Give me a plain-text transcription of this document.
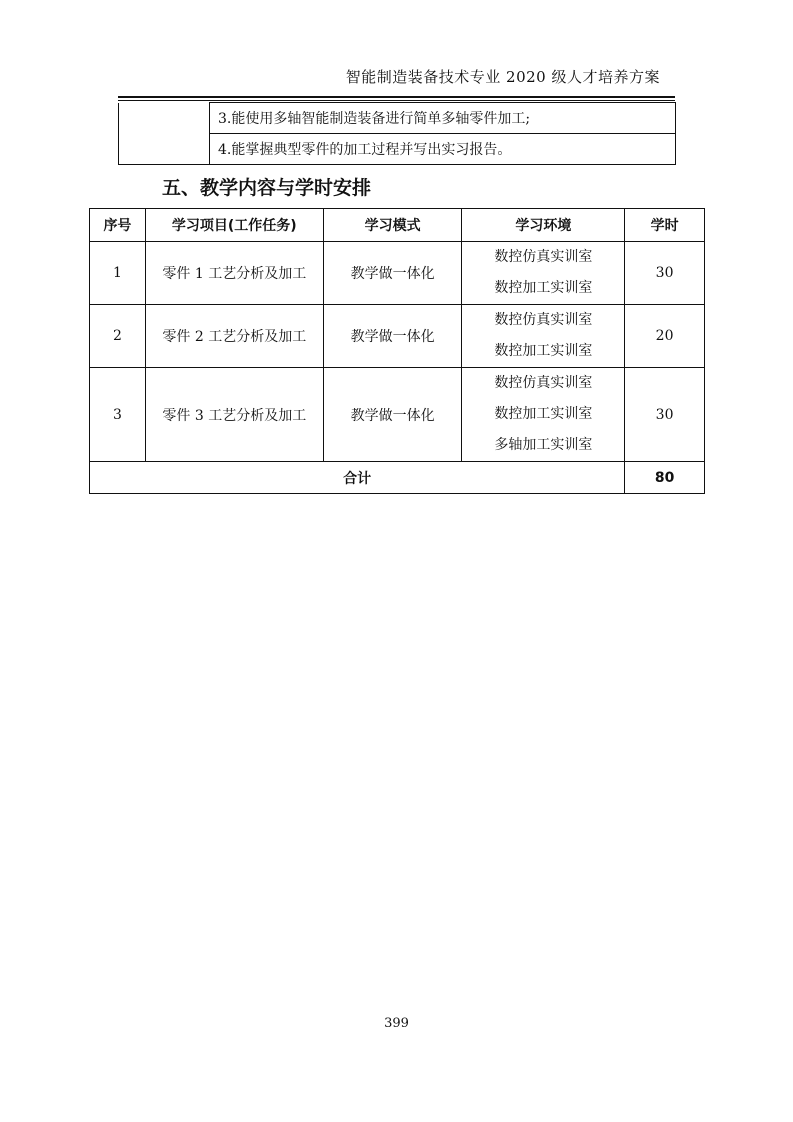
智能制造装备技术专业 2020 级人才培养方案
	3.能使用多轴智能制造装备进行简单多轴零件加工;
4.能掌握典型零件的加工过程并写出实习报告。
五、教学内容与学时安排
序号	学习项目(工作任务)	学习模式	学习环境	学时
1	零件 1 工艺分析及加工	教学做一体化	数控仿真实训室
数控加工实训室	30
2	零件 2 工艺分析及加工	教学做一体化	数控仿真实训室
数控加工实训室	20
3	零件 3 工艺分析及加工	教学做一体化	数控仿真实训室
数控加工实训室
多轴加工实训室	30
合计				80
399
